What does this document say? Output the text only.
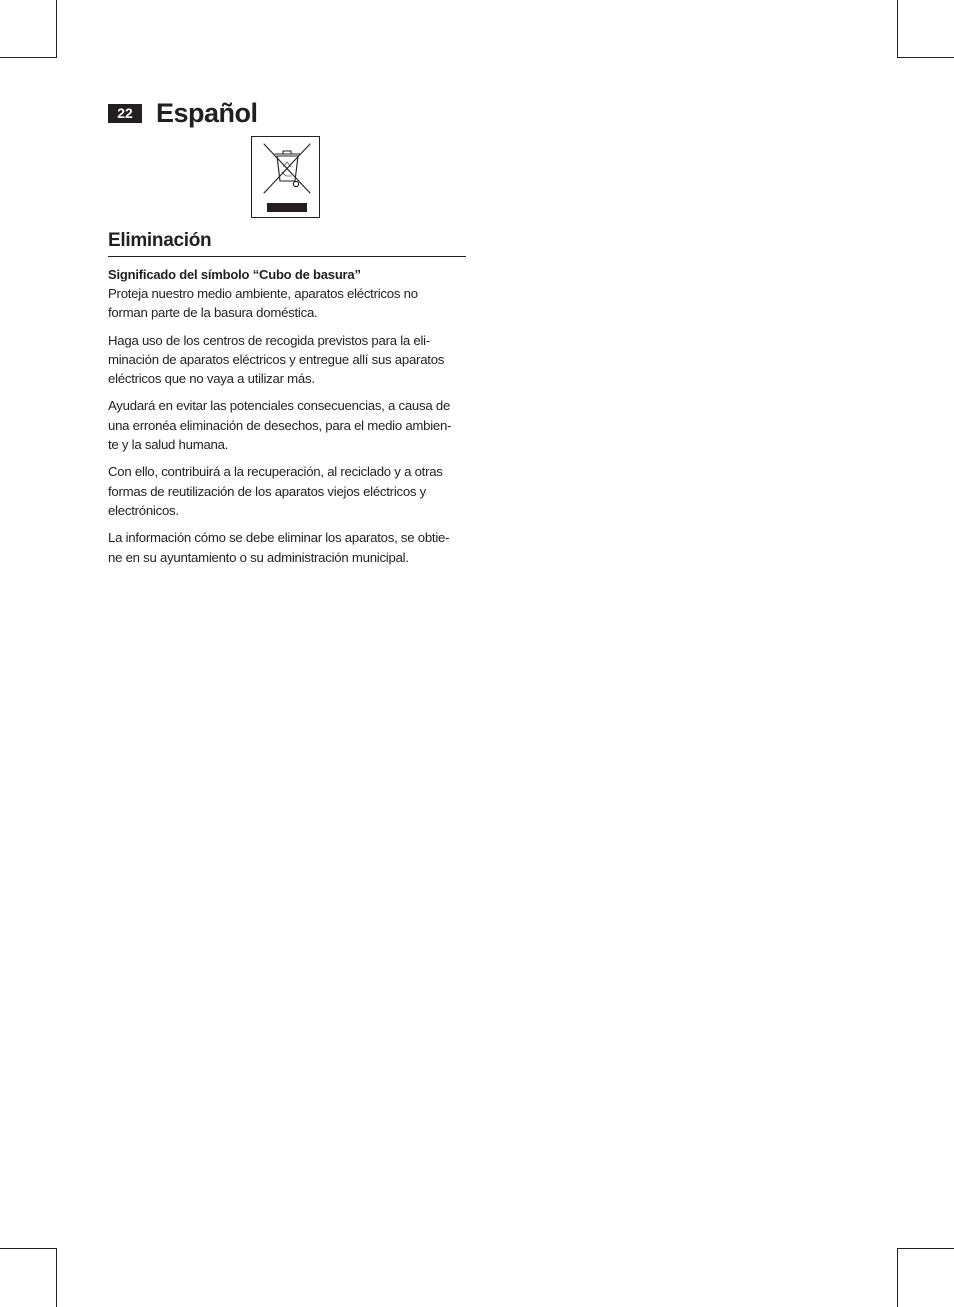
22 Español
Eliminación
Significado del símbolo “Cubo de basura”

Proteja nuestro medio ambiente, aparatos eléctricos no
forman parte de la basura doméstica.

Haga uso de los centros de recogida previstos para la eli-
minación de aparatos eléctricos y entregue allí sus aparatos
eléctricos que no vaya a utilizar más.

Ayudará en evitar las potenciales consecuencias, a causa de
una erronéa eliminación de desechos, para el medio ambien-
te y la salud humana.

Con ello, contribuirá a la recuperación, al reciclado y a otras
formas de reutilización de los aparatos viejos eléctricos y
electrónicos.

La información cómo se debe eliminar los aparatos, se obtie-
ne en su ayuntamiento o su administración municipal.
